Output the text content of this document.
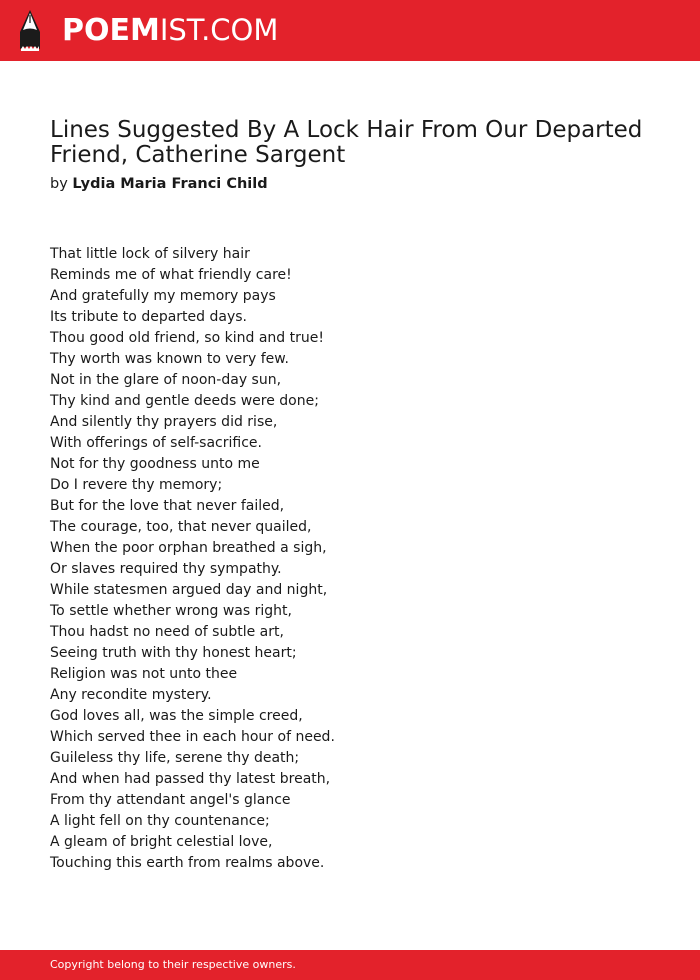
POEMIST.COM
Lines Suggested By A Lock Hair From Our Departed Friend, Catherine Sargent
by Lydia Maria Franci Child
That little lock of silvery hair
Reminds me of what friendly care!
And gratefully my memory pays
Its tribute to departed days.
Thou good old friend, so kind and true!
Thy worth was known to very few.
Not in the glare of noon-day sun,
Thy kind and gentle deeds were done;
And silently thy prayers did rise,
With offerings of self-sacrifice.
Not for thy goodness unto me
Do I revere thy memory;
But for the love that never failed,
The courage, too, that never quailed,
When the poor orphan breathed a sigh,
Or slaves required thy sympathy.
While statesmen argued day and night,
To settle whether wrong was right,
Thou hadst no need of subtle art,
Seeing truth with thy honest heart;
Religion was not unto thee
Any recondite mystery.
God loves all, was the simple creed,
Which served thee in each hour of need.
Guileless thy life, serene thy death;
And when had passed thy latest breath,
From thy attendant angel's glance
A light fell on thy countenance;
A gleam of bright celestial love,
Touching this earth from realms above.
Copyright belong to their respective owners.
